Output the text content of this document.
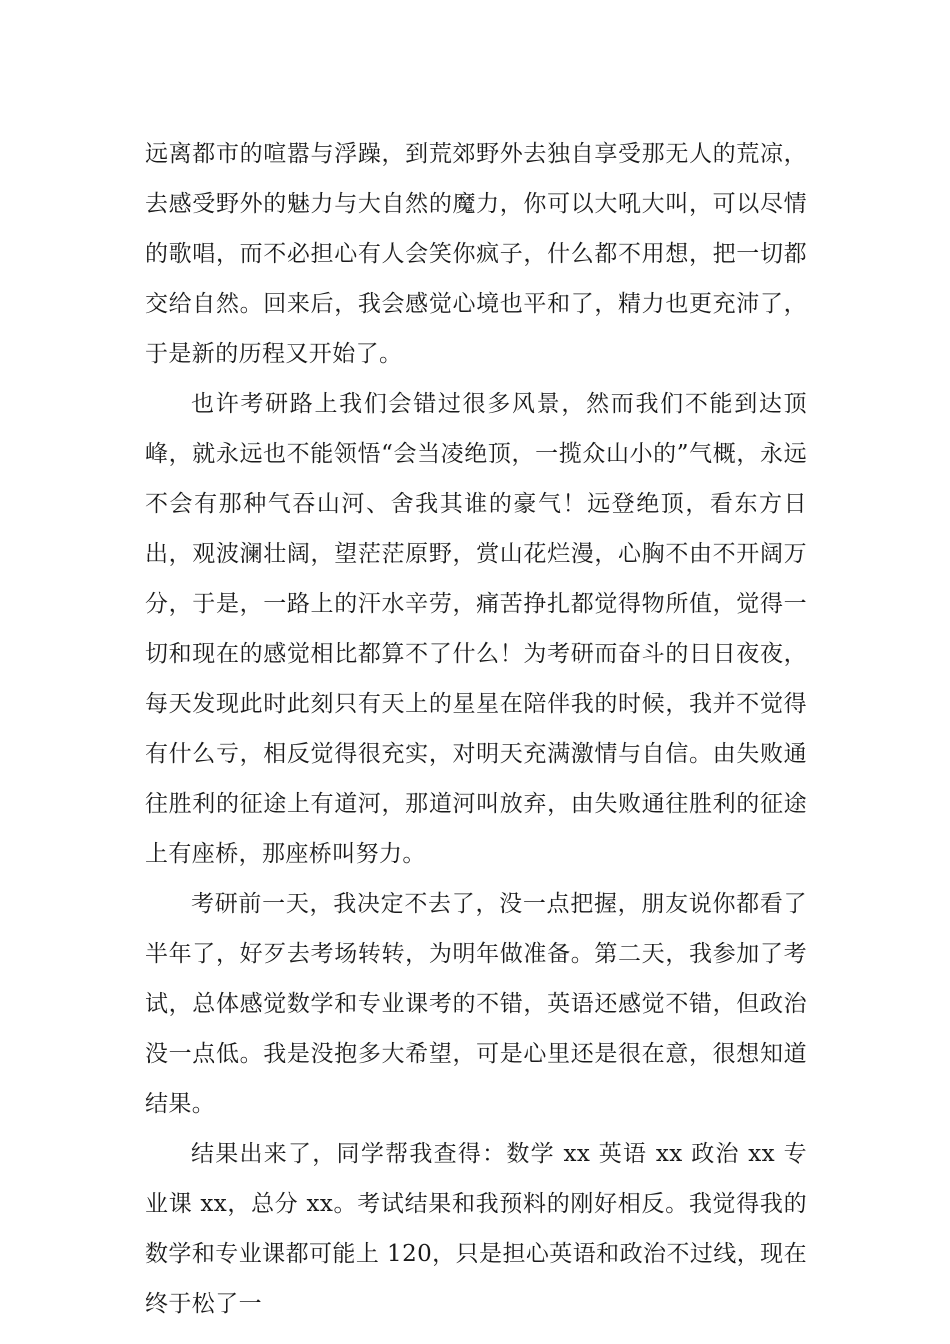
远离都市的喧嚣与浮躁，到荒郊野外去独自享受那无人的荒凉，去感受野外的魅力与大自然的魔力，你可以大吼大叫，可以尽情的歌唱，而不必担心有人会笑你疯子，什么都不用想，把一切都交给自然。回来后，我会感觉心境也平和了，精力也更充沛了，于是新的历程又开始了。

也许考研路上我们会错过很多风景，然而我们不能到达顶峰，就永远也不能领悟“会当凌绝顶，一揽众山小的”气概，永远不会有那种气吞山河、舍我其谁的豪气！远登绝顶，看东方日出，观波澜壮阔，望茫茫原野，赏山花烂漫，心胸不由不开阔万分，于是，一路上的汗水辛劳，痛苦挣扎都觉得物所值，觉得一切和现在的感觉相比都算不了什么！为考研而奋斗的日日夜夜，每天发现此时此刻只有天上的星星在陪伴我的时候，我并不觉得有什么亏，相反觉得很充实，对明天充满激情与自信。由失败通往胜利的征途上有道河，那道河叫放弃，由失败通往胜利的征途上有座桥，那座桥叫努力。

考研前一天，我决定不去了，没一点把握，朋友说你都看了半年了，好歹去考场转转，为明年做准备。第二天，我参加了考试，总体感觉数学和专业课考的不错，英语还感觉不错，但政治没一点低。我是没抱多大希望，可是心里还是很在意，很想知道结果。

结果出来了，同学帮我查得：数学 xx 英语 xx 政治 xx 专业课 xx，总分 xx。考试结果和我预料的刚好相反。我觉得我的数学和专业课都可能上 120，只是担心英语和政治不过线，现在终于松了一
